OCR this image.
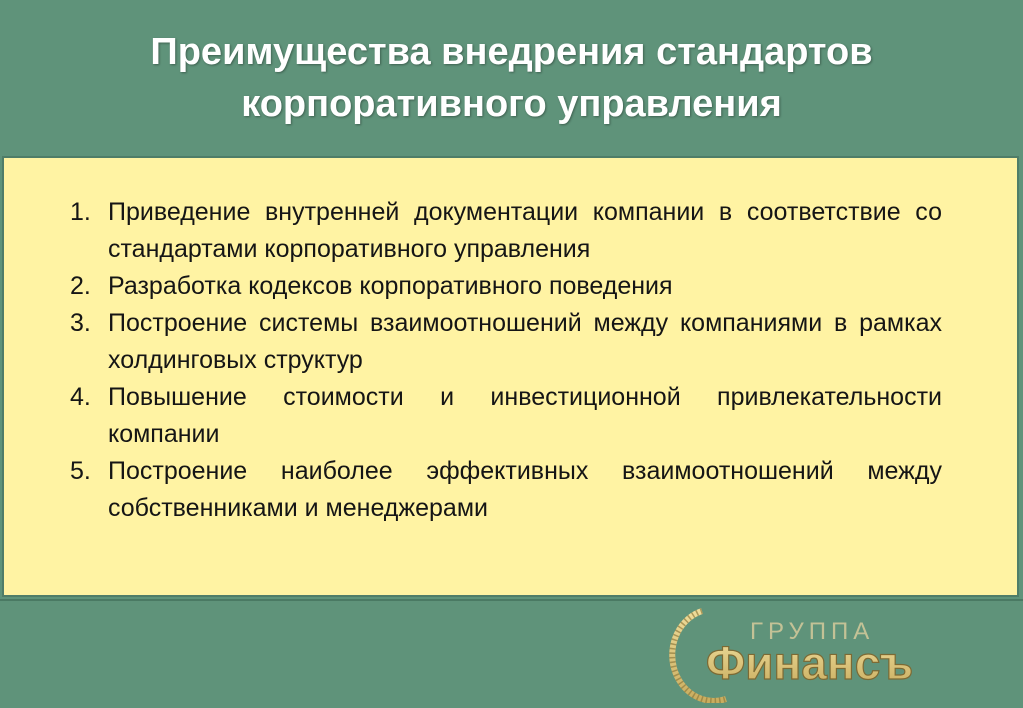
Преимущества внедрения стандартов
корпоративного управления
1. Приведение внутренней документации компании в соответствие со стандартами корпоративного управления
2. Разработка кодексов корпоративного поведения
3. Построение системы взаимоотношений между компаниями в рамках холдинговых структур
4. Повышение стоимости и инвестиционной привлекательности компании
5. Построение наиболее эффективных взаимоотношений между собственниками и менеджерами
ГРУППА
Финансъ
